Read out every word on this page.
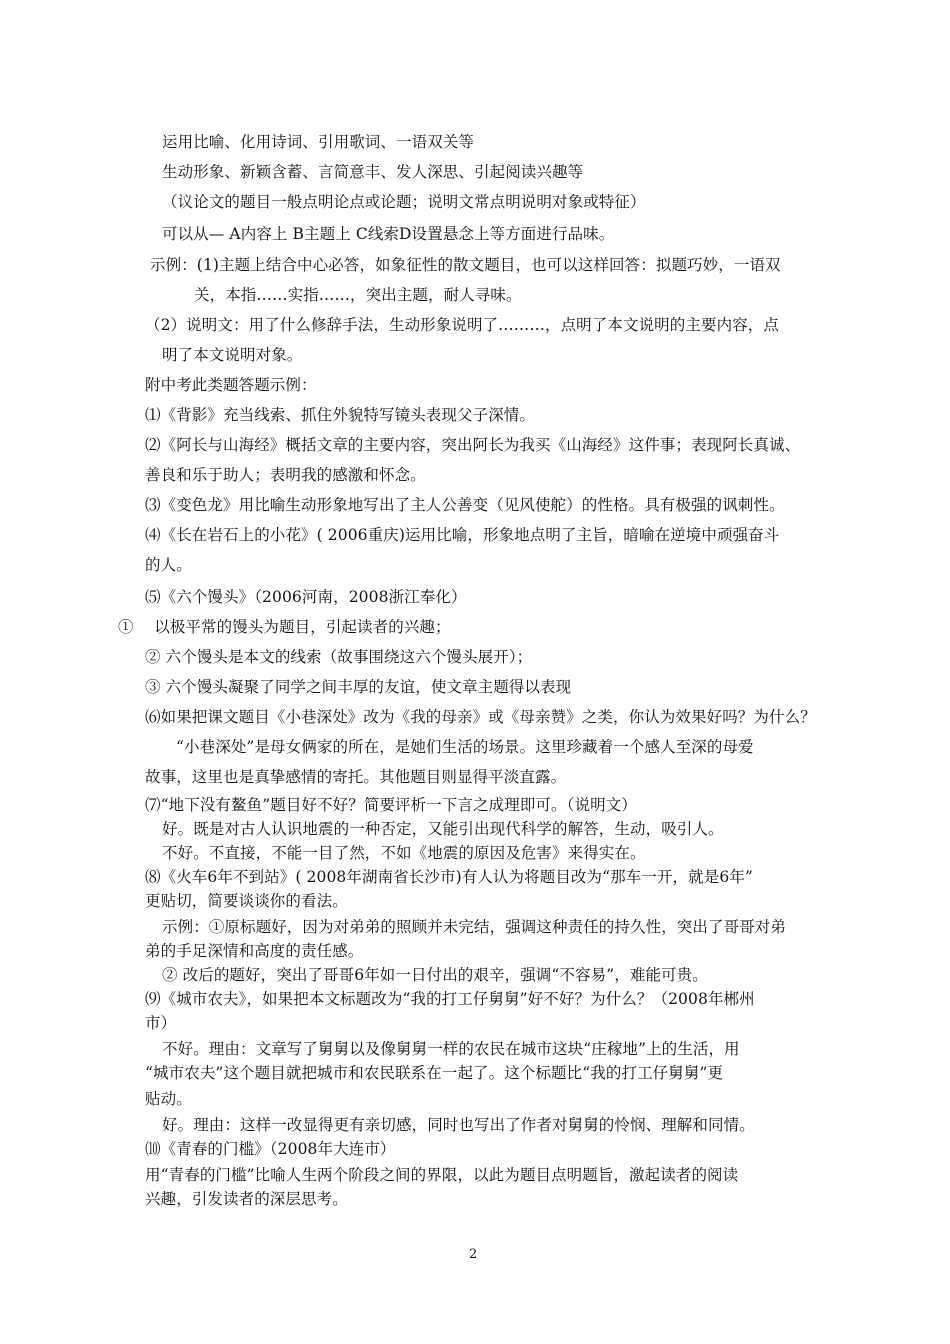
运用比喻、化用诗词、引用歌词、一语双关等
生动形象、新颖含蓄、言简意丰、发人深思、引起阅读兴趣等
（议论文的题目一般点明论点或论题；说明文常点明说明对象或特征）
可以从— A内容上 B主题上 C线索D设置悬念上等方面进行品味。
示例：(1)主题上结合中心必答，如象征性的散文题目，也可以这样回答：拟题巧妙，一语双
关，本指……实指……，突出主题，耐人寻味。
（2）说明文：用了什么修辞手法，生动形象说明了………，点明了本文说明的主要内容，点
明了本文说明对象。
附中考此类题答题示例：
⑴《背影》充当线索、抓住外貌特写镜头表现父子深情。
⑵《阿长与山海经》概括文章的主要内容，突出阿长为我买《山海经》这件事；表现阿长真诚、
善良和乐于助人；表明我的感激和怀念。
⑶《变色龙》用比喻生动形象地写出了主人公善变（见风使舵）的性格。具有极强的讽刺性。
⑷《长在岩石上的小花》( 2006重庆)运用比喻，形象地点明了主旨，暗喻在逆境中顽强奋斗
的人。
⑸《六个馒头》（2006河南，2008浙江奉化）
①　 以极平常的馒头为题目，引起读者的兴趣；
② 六个馒头是本文的线索（故事围绕这六个馒头展开）；
③ 六个馒头凝聚了同学之间丰厚的友谊，使文章主题得以表现
⑹如果把课文题目《小巷深处》改为《我的母亲》或《母亲赞》之类，你认为效果好吗？为什么？
“小巷深处”是母女俩家的所在，是她们生活的场景。这里珍藏着一个感人至深的母爱
故事，这里也是真挚感情的寄托。其他题目则显得平淡直露。
⑺“地下没有鳌鱼”题目好不好？简要评析一下言之成理即可。（说明文）
好。既是对古人认识地震的一种否定，又能引出现代科学的解答，生动，吸引人。
不好。不直接，不能一目了然，不如《地震的原因及危害》来得实在。
⑻《火车6年不到站》( 2008年湖南省长沙市)有人认为将题目改为“那车一开，就是6年”
更贴切，简要谈谈你的看法。
示例：①原标题好，因为对弟弟的照顾并未完结，强调这种责任的持久性，突出了哥哥对弟
弟的手足深情和高度的责任感。
② 改后的题好，突出了哥哥6年如一日付出的艰辛，强调“不容易”，难能可贵。
⑼《城市农夫》，如果把本文标题改为“我的打工仔舅舅”好不好？为什么？（2008年郴州
市）
不好。理由：文章写了舅舅以及像舅舅一样的农民在城市这块“庄稼地”上的生活，用
“城市农夫”这个题目就把城市和农民联系在一起了。这个标题比“我的打工仔舅舅”更
贴动。
好。理由：这样一改显得更有亲切感，同时也写出了作者对舅舅的怜悯、理解和同情。
⑽《青春的门槛》（2008年大连市）
用“青春的门槛”比喻人生两个阶段之间的界限，以此为题目点明题旨，激起读者的阅读
兴趣，引发读者的深层思考。
2
